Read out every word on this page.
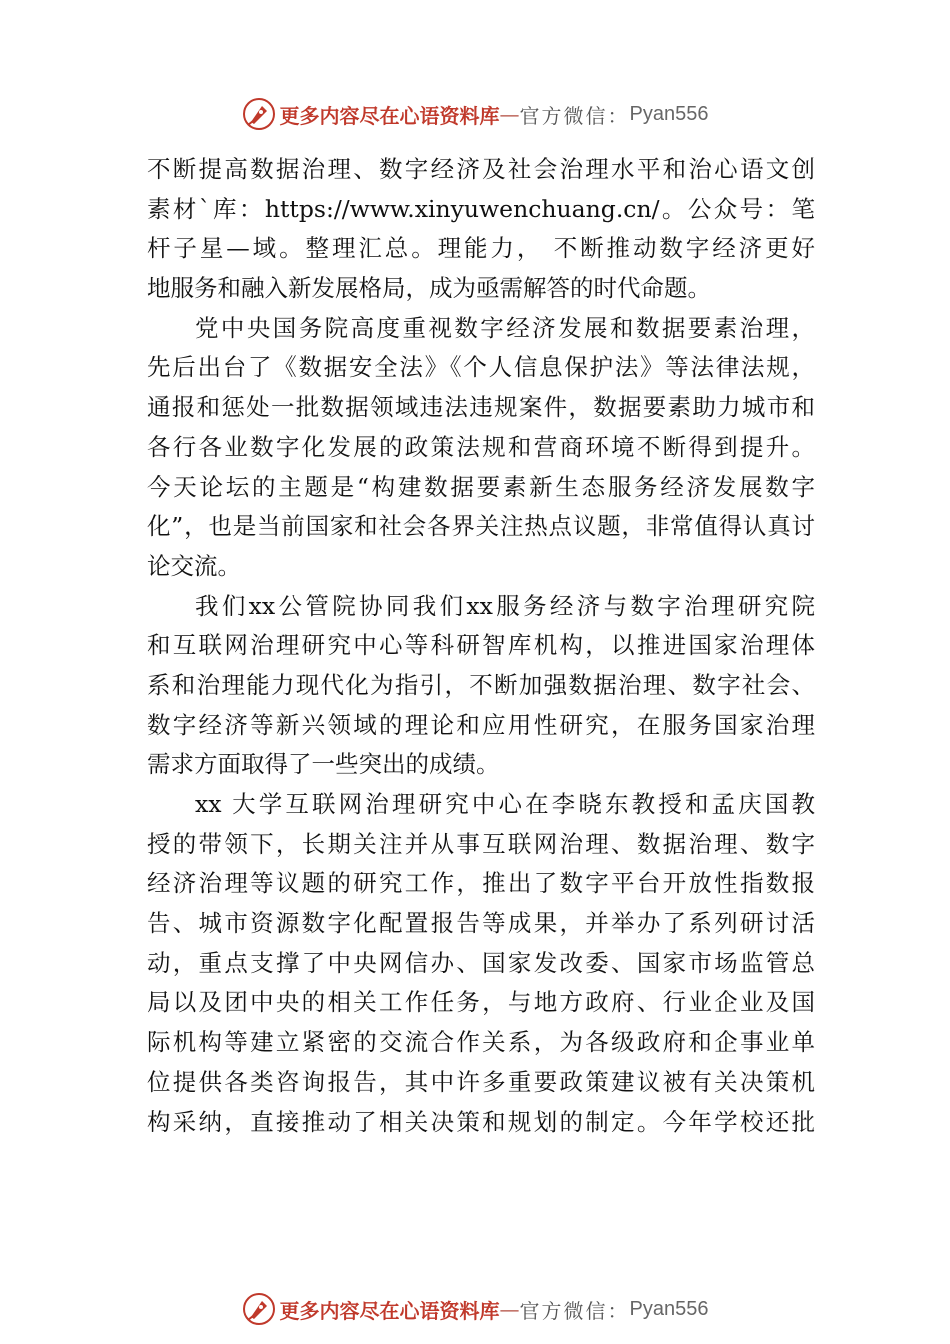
更多内容尽在心语资料库 — 官方微信： Pyan556
不断提高数据治理、数字经济及社会治理水平和治心语文创
素材`库：https://www.xinyuwenchuang.cn/。公众号：笔
杆子星—域。整理汇总。理能力， 不断推动数字经济更好
地服务和融入新发展格局，成为亟需解答的时代命题。
党中央国务院高度重视数字经济发展和数据要素治理，
先后出台了《数据安全法》《个人信息保护法》等法律法规，
通报和惩处一批数据领域违法违规案件，数据要素助力城市和
各行各业数字化发展的政策法规和营商环境不断得到提升。
今天论坛的主题是“构建数据要素新生态服务经济发展数字
化”，也是当前国家和社会各界关注热点议题，非常值得认真讨
论交流。
我们xx公管院协同我们xx服务经济与数字治理研究院
和互联网治理研究中心等科研智库机构，以推进国家治理体
系和治理能力现代化为指引，不断加强数据治理、数字社会、
数字经济等新兴领域的理论和应用性研究，在服务国家治理
需求方面取得了一些突出的成绩。
xx 大学互联网治理研究中心在李晓东教授和孟庆国教
授的带领下，长期关注并从事互联网治理、数据治理、数字
经济治理等议题的研究工作，推出了数字平台开放性指数报
告、城市资源数字化配置报告等成果，并举办了系列研讨活
动，重点支撑了中央网信办、国家发改委、国家市场监管总
局以及团中央的相关工作任务，与地方政府、行业企业及国
际机构等建立紧密的交流合作关系，为各级政府和企事业单
位提供各类咨询报告，其中许多重要政策建议被有关决策机
构采纳，直接推动了相关决策和规划的制定。今年学校还批
更多内容尽在心语资料库 — 官方微信： Pyan556
